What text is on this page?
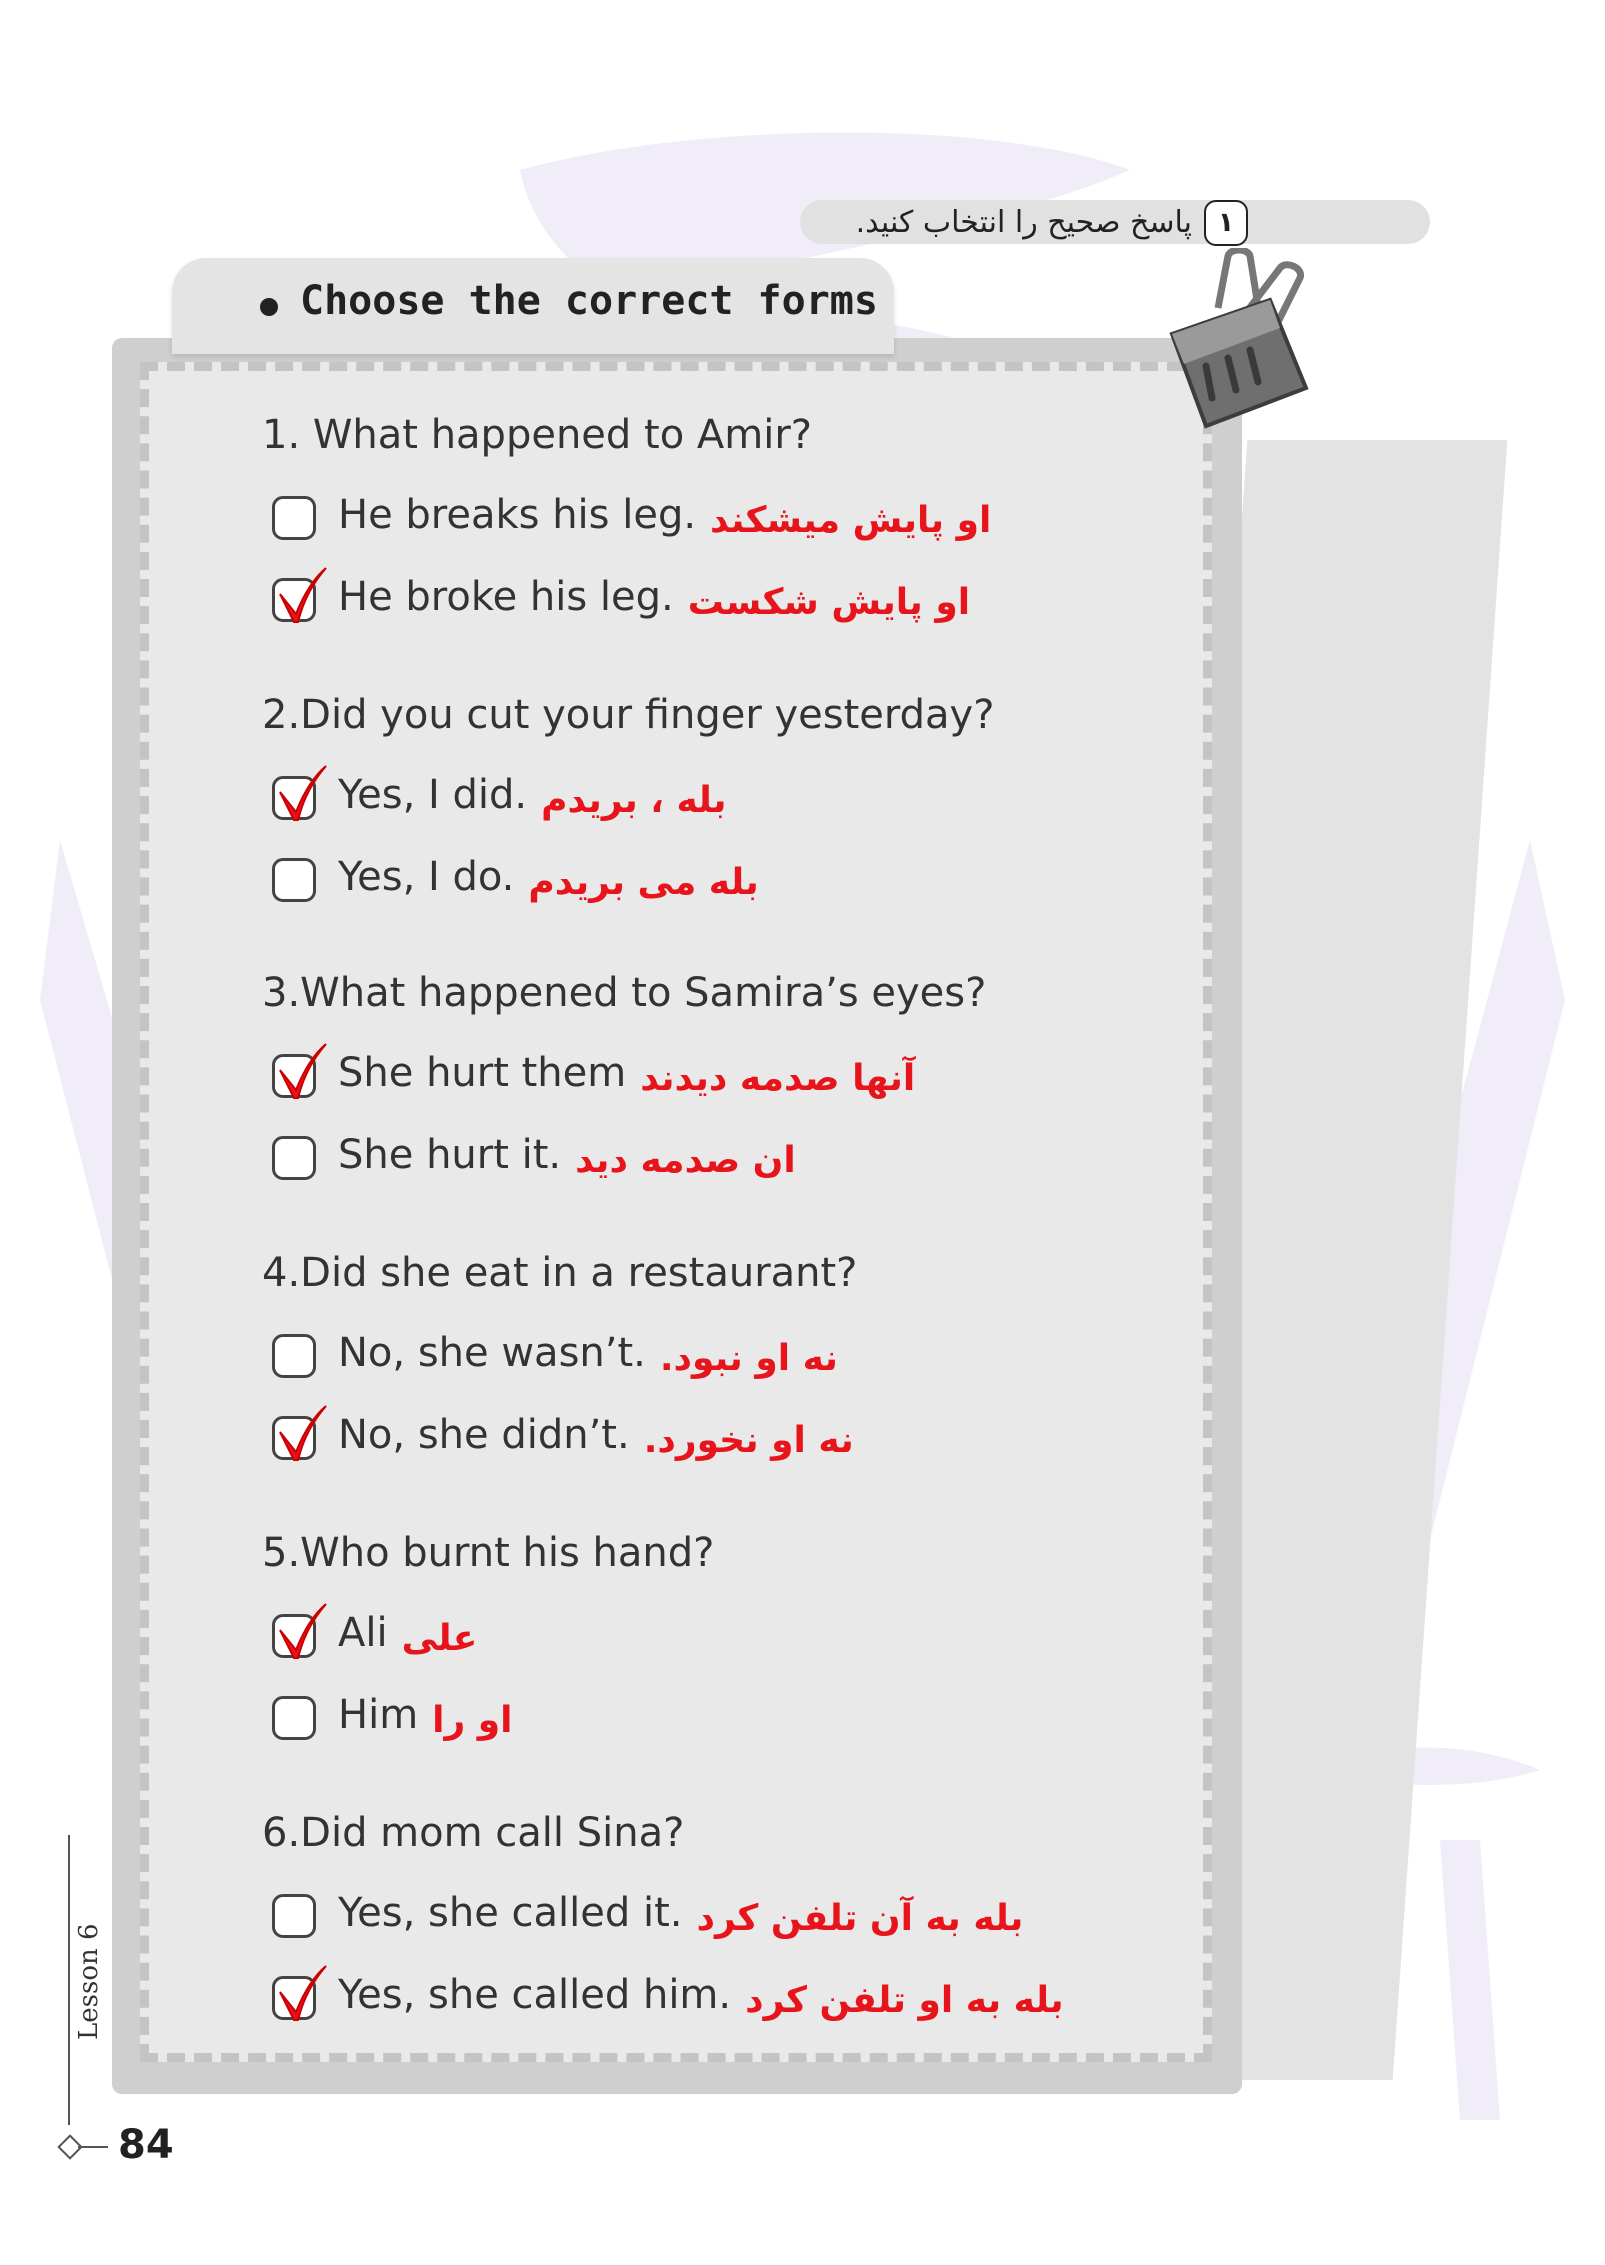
١
پاسخ صحیح را انتخاب کنید.
Choose the correct forms
1. What happened to Amir?
He breaks his leg. او پایش میشکند
He broke his leg. او پایش شکست
2.Did you cut your finger yesterday?
Yes, I did. بله ، بریدم
Yes, I do. بله می بریدم
3.What happened to Samira’s eyes?
She hurt them آنها صدمه دیدند
She hurt it. ان صدمه دید
4.Did she eat in a restaurant?
No, she wasn’t. نه او نبود.
No, she didn’t. نه او نخورد.
5.Who burnt his hand?
Ali علی
Him او را
6.Did mom call Sina?
Yes, she called it. بله به آن تلفن کرد
Yes, she called him. بله به او تلفن کرد
Lesson 6
84
